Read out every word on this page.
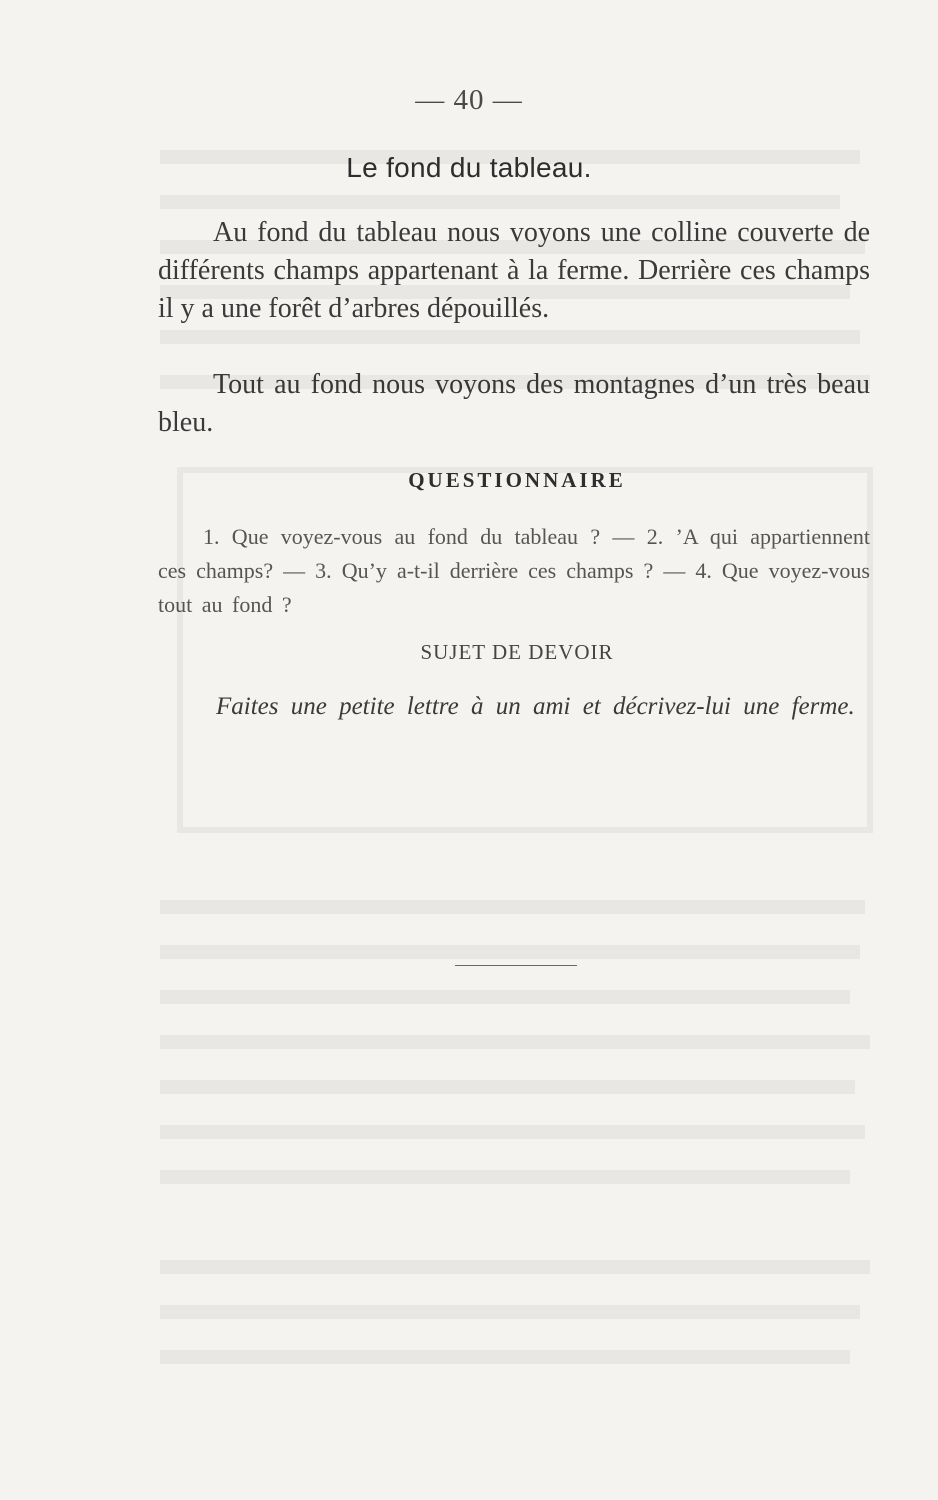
— 40 —
Le fond du tableau.

Au fond du tableau nous voyons une colline couverte de différents champs appartenant à la ferme. Derrière ces champs il y a une forêt d’arbres dépouillés.

Tout au fond nous voyons des montagnes d’un très beau bleu.

QUESTIONNAIRE

1. Que voyez-vous au fond du tableau ? — 2. ’A qui appartiennent ces champs? — 3. Qu’y a-t-il derrière ces champs ? — 4. Que voyez-vous tout au fond ?

SUJET DE DEVOIR

Faites une petite lettre à un ami et décrivez-lui une ferme.
